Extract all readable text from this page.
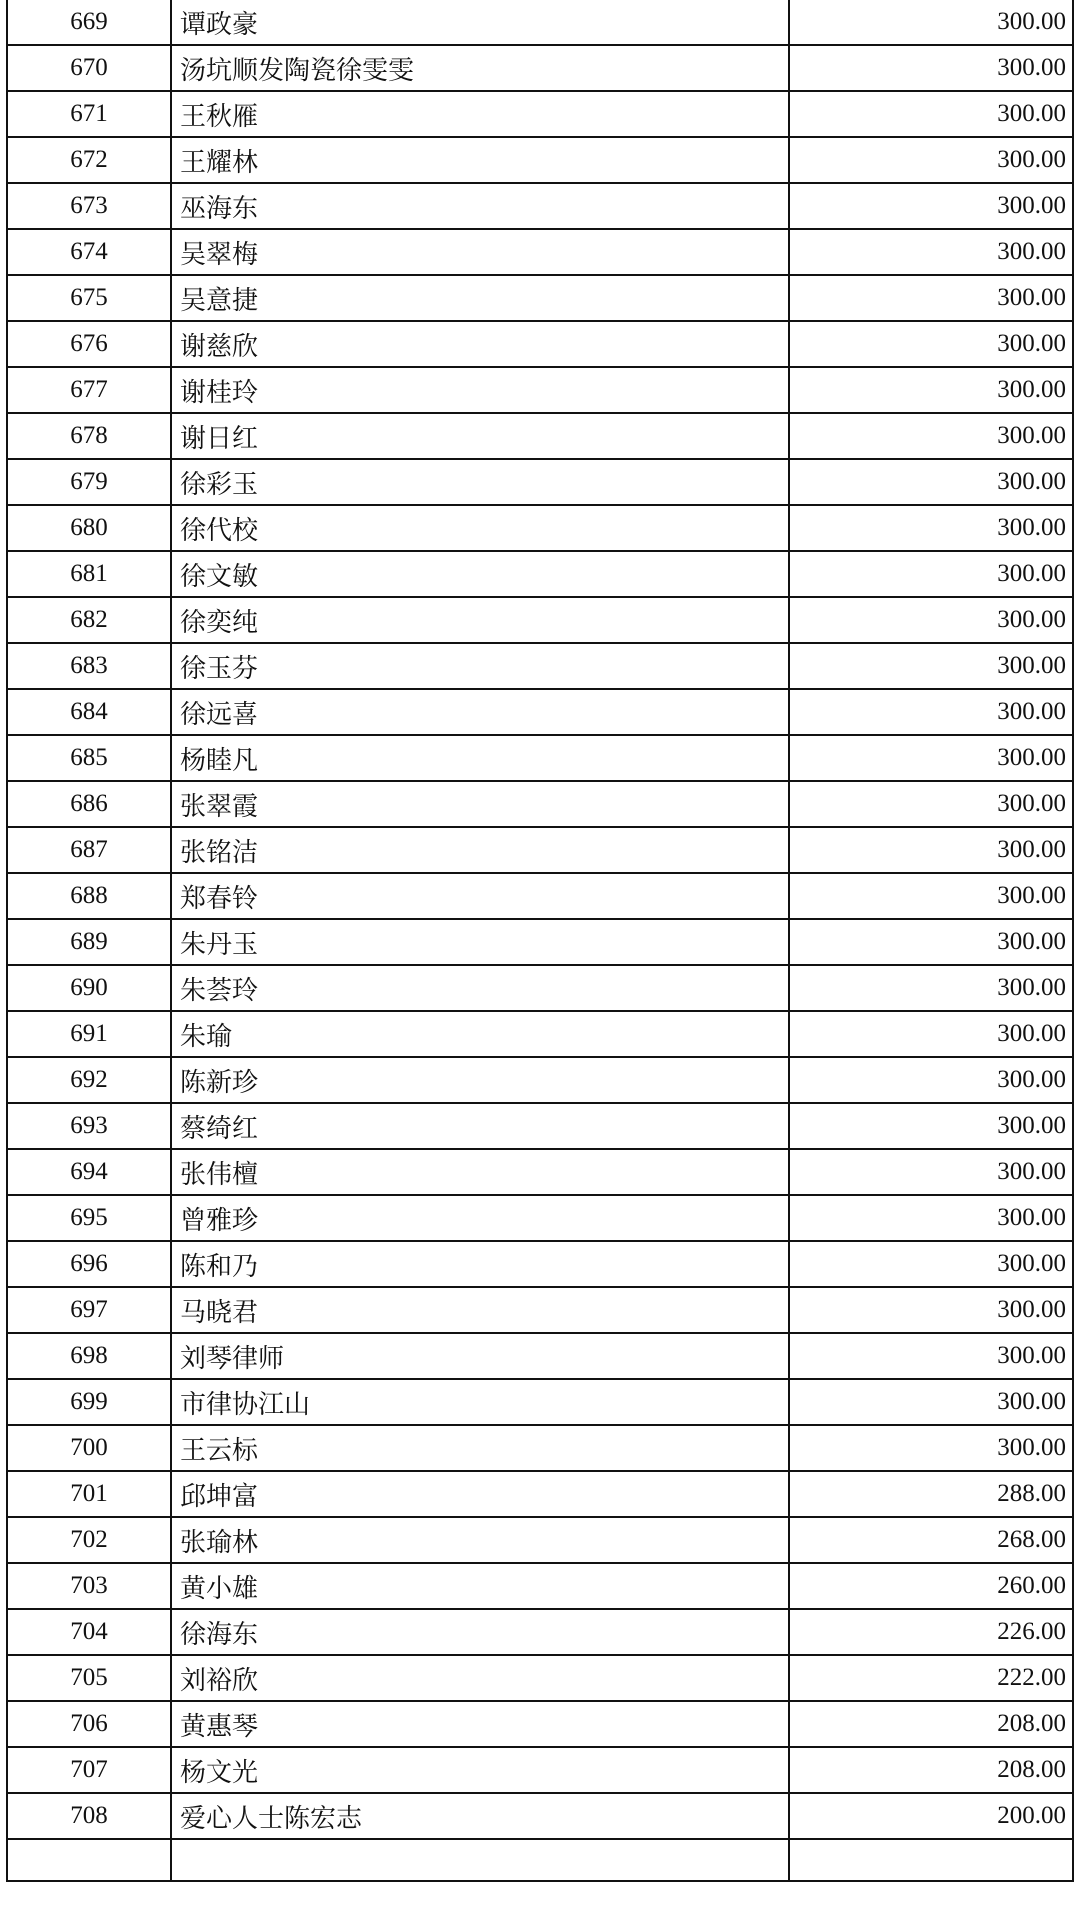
669	谭政豪	300.00
670	汤坑顺发陶瓷徐雯雯	300.00
671	王秋雁	300.00
672	王耀林	300.00
673	巫海东	300.00
674	吴翠梅	300.00
675	吴意捷	300.00
676	谢慈欣	300.00
677	谢桂玲	300.00
678	谢日红	300.00
679	徐彩玉	300.00
680	徐代校	300.00
681	徐文敏	300.00
682	徐奕纯	300.00
683	徐玉芬	300.00
684	徐远喜	300.00
685	杨睦凡	300.00
686	张翠霞	300.00
687	张铭洁	300.00
688	郑春铃	300.00
689	朱丹玉	300.00
690	朱荟玲	300.00
691	朱瑜	300.00
692	陈新珍	300.00
693	蔡绮红	300.00
694	张伟檀	300.00
695	曾雅珍	300.00
696	陈和乃	300.00
697	马晓君	300.00
698	刘琴律师	300.00
699	市律协江山	300.00
700	王云标	300.00
701	邱坤富	288.00
702	张瑜林	268.00
703	黄小雄	260.00
704	徐海东	226.00
705	刘裕欣	222.00
706	黄惠琴	208.00
707	杨文光	208.00
708	爱心人士陈宏志	200.00
